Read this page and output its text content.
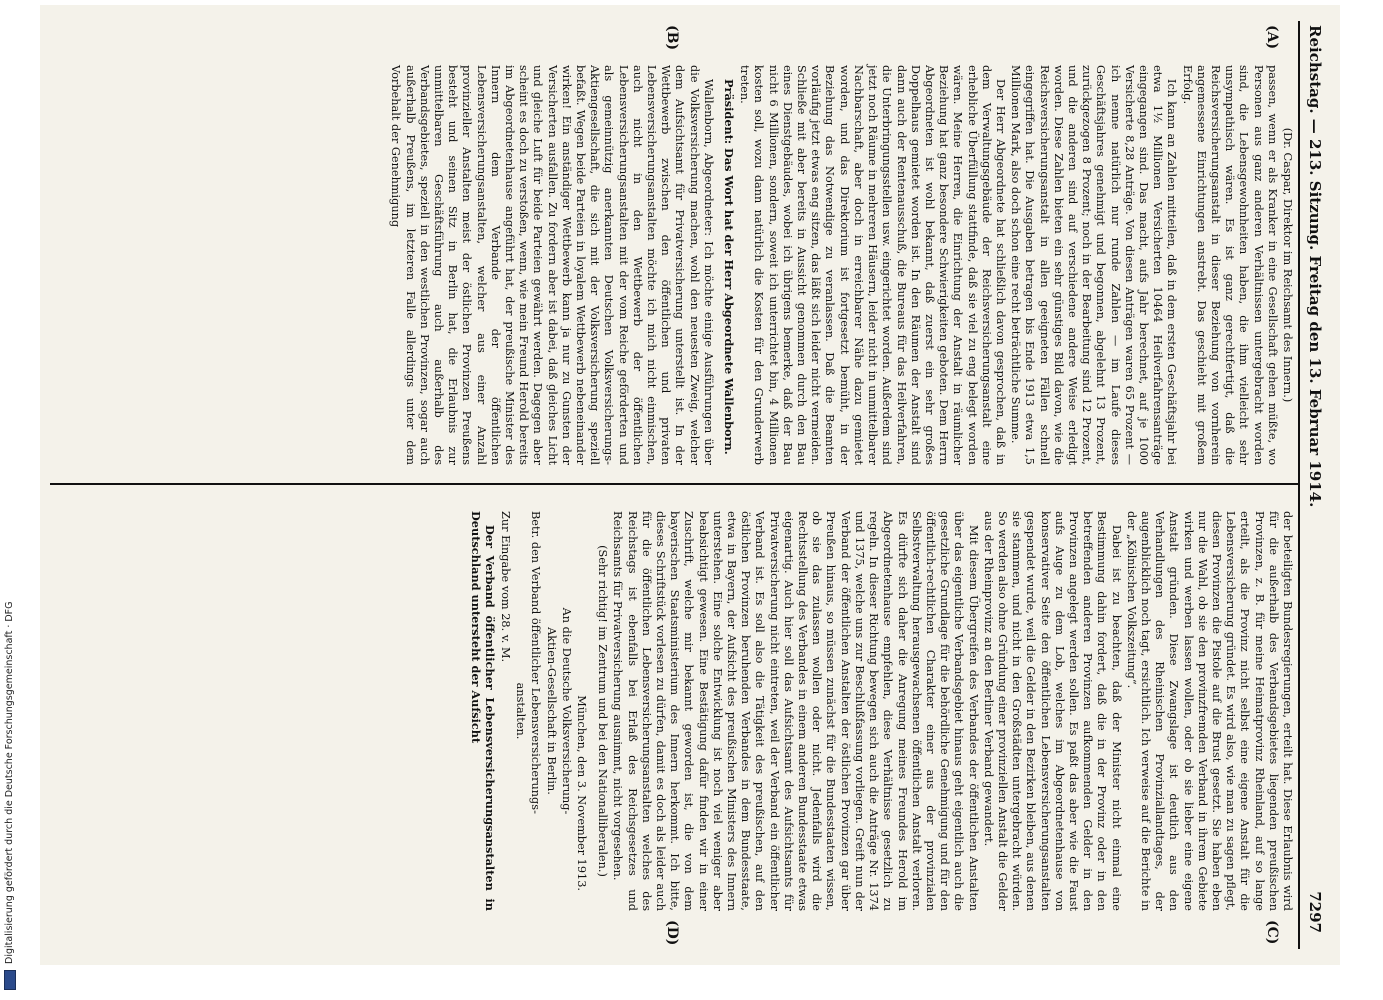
Reichstag. — 213. Sitzung. Freitag den 13. Februar 1914.
7297
(A)
(B)
(C)
(D)

(Dr. Caspar, Direktor im Reichsamt des Innern.)

passen, wenn er als Kranker in eine Gesellschaft gehen müßte, wo Personen aus ganz anderen Verhältnissen untergebracht worden sind, die Lebensgewohnheiten haben, die ihm vielleicht sehr unsympathisch wären. Es ist ganz gerechtfertigt, daß die Reichsversicherungsanstalt in dieser Beziehung von vornherein angemessene Einrichtungen anstrebt. Das geschieht mit großem Erfolg.

Ich kann an Zahlen mitteilen, daß in dem ersten Geschäftsjahr bei etwa 1½ Millionen Versicherten 10464 Heilverfahrensanträge eingegangen sind. Das macht, aufs Jahr berechnet, auf je 1000 Versicherte 8,28 Anträge. Von diesen Anträgen waren 65 Prozent — ich nenne natürlich nur runde Zahlen — im Laufe dieses Geschäftsjahres genehmigt und begonnen, abgelehnt 13 Prozent, zurückgezogen 8 Prozent; noch in der Bearbeitung sind 12 Prozent, und die anderen sind auf verschiedene andere Weise erledigt worden. Diese Zahlen bieten ein sehr günstiges Bild davon, wie die Reichsversicherungsanstalt in allen geeigneten Fällen schnell eingegriffen hat. Die Ausgaben betragen bis Ende 1913 etwa 1,5 Millionen Mark, also doch schon eine recht beträchtliche Summe.

Der Herr Abgeordnete hat schließlich davon gesprochen, daß in dem Verwaltungsgebäude der Reichsversicherungsanstalt eine erhebliche Überfüllung stattfinde, daß sie viel zu eng belegt worden wären. Meine Herren, die Einrichtung der Anstalt in räumlicher Beziehung hat ganz besondere Schwierigkeiten geboten. Dem Herrn Abgeordneten ist wohl bekannt, daß zuerst ein sehr großes Doppelhaus gemietet worden ist. In den Räumen der Anstalt sind dann auch der Rentenausschuß, die Bureaus für das Heilverfahren, die Unterbringungsstellen usw. eingerichtet worden. Außerdem sind jetzt noch Räume in mehreren Häusern, leider nicht in unmittelbarer Nachbarschaft, aber doch in erreichbarer Nähe dazu gemietet worden, und das Direktorium ist fortgesetzt bemüht, in der Beziehung das Notwendige zu veranlassen. Daß die Beamten vorläufig jetzt etwas eng sitzen, das läßt sich leider nicht vermeiden. Schließe mit aber bereits in Aussicht genommen durch den Bau eines Dienstgebäudes, wobei ich übrigens bemerke, daß der Bau nicht 6 Millionen, sondern, soweit ich unterrichtet bin, 4 Millionen kosten soll, wozu dann natürlich die Kosten für den Grunderwerb treten.

Präsident: Das Wort hat der Herr Abgeordnete Wallenborn.

Wallenborn, Abgeordneter: Ich möchte einige Ausführungen über die Volksversicherung machen, wohl den neuesten Zweig, welcher dem Aufsichtsamt für Privatversicherung unterstellt ist. In der Wettbewerb zwischen den öffentlichen und privaten Lebensversicherungsanstalten möchte ich mich nicht einmischen, auch nicht in den Wettbewerb der öffentlichen Lebensversicherungsanstalten mit der vom Reiche geförderten und als gemeinnützig anerkannten Deutschen Volksversicherungs-Aktiengesellschaft, die sich mit der Volksversicherung speziell befaßt. Wegen beide Parteien in loyalem Wettbewerb nebeneinander wirken! Ein anständiger Wettbewerb kann ja nur zu Gunsten der Versicherten ausfallen. Zu fordern aber ist dabei, daß gleiches Licht und gleiche Luft für beide Parteien gewährt werden. Dagegen aber scheint es doch zu verstoßen, wenn, wie mein Freund Herold bereits im Abgeordnetenhause angeführt hat, der preußische Minister des Innern dem Verbande der öffentlichen Lebensversicherungsanstalten, welcher aus einer Anzahl provinzieller Anstalten meist der östlichen Provinzen Preußens besteht und seinen Sitz in Berlin hat, die Erlaubnis zur unmittelbaren Geschäftsführung auch außerhalb des Verbandsgebietes, speziell in den westlichen Provinzen, sogar auch außerhalb Preußens, im letzteren Falle allerdings unter dem Vorbehalt der Genehmigung

der beteiligten Bundesregierungen, erteilt hat. Diese Erlaubnis wird für die außerhalb des Verbandsgebietes liegenden preußischen Provinzen, z. B. für meine Heimatprovinz Rheinland, auf so lange erteilt, als die Provinz nicht selbst eine eigene Anstalt für die Lebensversicherung gründet. Es wird also, wie man zu sagen pflegt, diesen Provinzen die Pistole auf die Brust gesetzt. Sie haben eben nur die Wahl, ob sie den provinzfremden Verband in ihrem Gebiete wirken und werben lassen wollen, oder ob sie lieber eine eigene Anstalt gründen. Diese Zwangslage ist deutlich aus den Verhandlungen des Rheinischen Provinziallandtages, der augenblicklich noch tagt, ersichtlich. Ich verweise auf die Berichte in der „Kölnischen Volkszeitung“.

Dabei ist zu beachten, daß der Minister nicht einmal eine Bestimmung dahin fordert, daß die in der Provinz oder in den betreffenden anderen Provinzen aufkommenden Gelder in den Provinzen angelegt werden sollen. Es paßt das aber wie die Faust aufs Auge zu dem Lob, welches im Abgeordnetenhause von konservativer Seite den öffentlichen Lebensversicherungsanstalten gespendet wurde, weil die Gelder in den Bezirken bleiben, aus denen sie stammen, und nicht in den Großstädten untergebracht würden. So werden also ohne Gründung einer provinziellen Anstalt die Gelder aus der Rheinprovinz an den Berliner Verband gewandert.

Mit diesem Übergreifen des Verbandes der öffentlichen Anstalten über das eigentliche Verbandsgebiet hinaus geht eigentlich auch die gesetzliche Grundlage für die behördliche Genehmigung und für den öffentlich-rechtlichen Charakter einer aus der provinzialen Selbstverwaltung herausgewachsenen öffentlichen Anstalt verloren. Es dürfte sich daher die Anregung meines Freundes Herold im Abgeordnetenhause empfehlen, diese Verhältnisse gesetzlich zu regeln. In dieser Richtung bewegen sich auch die Anträge Nr. 1374 und 1375, welche uns zur Beschlußfassung vorliegen. Greift nun der Verband der öffentlichen Anstalten der östlichen Provinzen gar über Preußen hinaus, so müssen zunächst für die Bundesstaaten wissen, ob sie das zulassen wollen oder nicht. Jedenfalls wird die Rechtsstellung des Verbandes in einem anderen Bundesstaate etwas eigenartig. Auch hier soll das Aufsichtsamt des Aufsichtsamts für Privatversicherung nicht eintreten, weil der Verband ein öffentlicher Verband ist. Es soll also die Tätigkeit des preußischen, auf den östlichen Provinzen beruhenden Verbandes in dem Bundesstaate, etwa in Bayern, der Aufsicht des preußischen Ministers des Innern unterstehen. Eine solche Entwicklung ist noch viel weniger aber beabsichtigt gewesen. Eine Bestätigung dafür finden wir in einer Zuschrift, welche mir bekannt geworden ist, die von dem bayerischen Staatsministerium des Innern herkommt. Ich bitte, dieses Schriftstück vorlesen zu dürfen, damit es doch als leider auch für die öffentlichen Lebensversicherungsanstalten welches des Reichstags ist ebenfalls bei Erlaß des Reichsgesetzes und Reichsamts für Privatversicherung ausnimmt, nicht vorgesehen.

(Sehr richtig! im Zentrum und bei den Nationalliberalen.)

München, den 3. November 1913.

An die Deutsche Volksversicherung-

Aktien-Gesellschaft in Berlin.

Betr. den Verband öffentlicher Lebensversicherungs-

anstalten.

Zur Eingabe vom 28. v. M.

Der Verband öffentlicher Lebensversicherungsanstalten in Deutschland untersteht der Aufsicht

Digitalisierung gefördert durch die Deutsche Forschungsgemeinschaft · DFG
